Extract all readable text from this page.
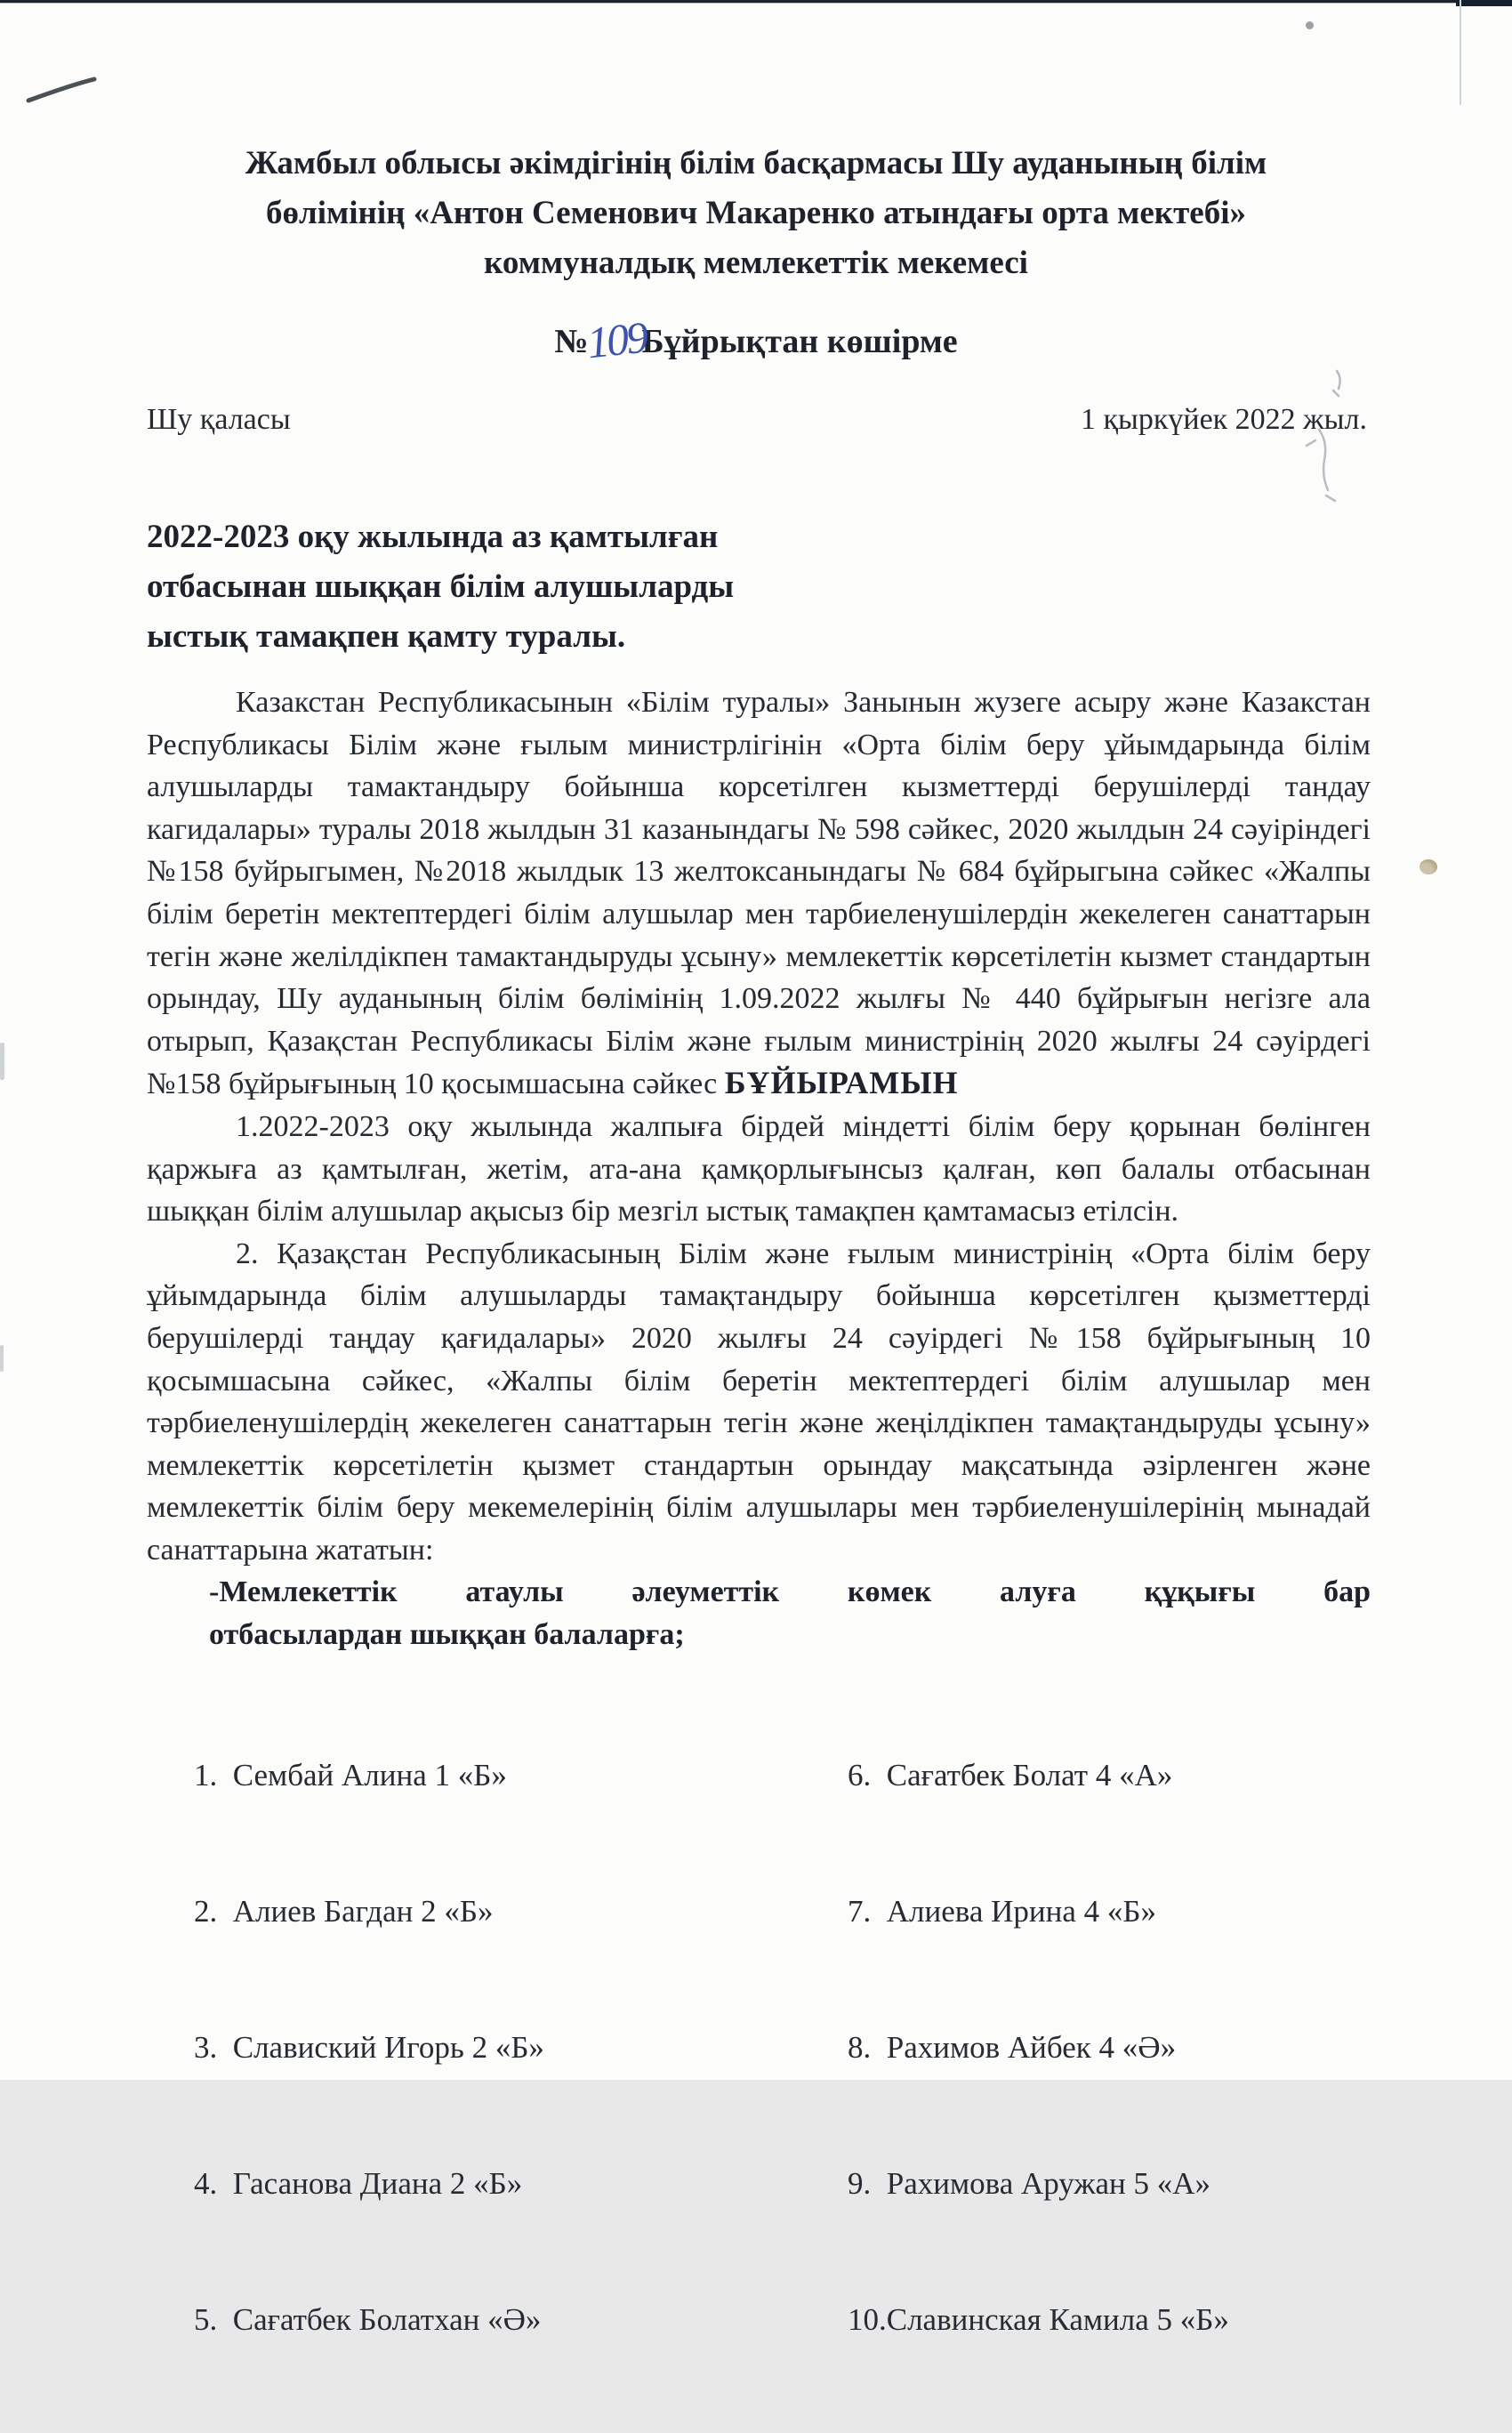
Жамбыл облысы әкімдігінің білім басқармасы Шу ауданының білім
бөлімінің «Антон Семенович Макаренко атындағы орта мектебі»
коммуналдық мемлекеттік мекемесі
№109Бұйрықтан көшірме
Шу қаласы	1 қыркүйек 2022 жыл.
2022-2023 оқу жылында аз қамтылған
отбасынан шыққан білім алушыларды
ыстық тамақпен қамту туралы.

Казакстан Республикасынын «Білім туралы» Занынын жузеге асыру және Казакстан Республикасы Білім және ғылым министрлігінін «Орта білім беру ұйымдарында білім алушыларды тамактандыру бойынша корсетілген кызметтерді берушілерді тандау кагидалары» туралы 2018 жылдын 31 казанындагы № 598 сәйкес, 2020 жылдын 24 сәуіріндегі №158 буйрыгымен, №2018 жылдык 13 желтоксанындагы № 684 бұйрыгына сәйкес «Жалпы білім беретін мектептердегі білім алушылар мен тарбиеленушілердін жекелеген санаттарын тегін және желілдікпен тамактандыруды ұсыну» мемлекеттік көрсетілетін кызмет стандартын орындау, Шу ауданының білім бөлімінің 1.09.2022 жылғы № 440 бұйрығын негізге ала отырып, Қазақстан Республикасы Білім және ғылым министрінің 2020 жылғы 24 сәуірдегі №158 бұйрығының 10 қосымшасына сәйкес БҰЙЫРАМЫН

1.2022-2023 оқу жылында жалпыға бірдей міндетті білім беру қорынан бөлінген қаржыға аз қамтылған, жетім, ата-ана қамқорлығынсыз қалған, көп балалы отбасынан шыққан білім алушылар ақысыз бір мезгіл ыстық тамақпен қамтамасыз етілсін.

2. Қазақстан Республикасының Білім және ғылым министрінің «Орта білім беру ұйымдарында білім алушыларды тамақтандыру бойынша көрсетілген қызметтерді берушілерді таңдау қағидалары» 2020 жылғы 24 сәуірдегі №158 бұйрығының 10 қосымшасына сәйкес, «Жалпы білім беретін мектептердегі білім алушылар мен тәрбиеленушілердің жекелеген санаттарын тегін және жеңілдікпен тамақтандыруды ұсыну» мемлекеттік көрсетілетін қызмет стандартын орындау мақсатында әзірленген және мемлекеттік білім беру мекемелерінің білім алушылары мен тәрбиеленушілерінің мынадай санаттарына жататын:

-Мемлекеттік атаулы әлеуметтік көмек алуға құқығы бар
отбасылардан шыққан балаларға;

1.  Сембай Алина 1 «Б»

2.  Алиев Багдан 2 «Б»

3.  Славиский Игорь 2 «Б»

4.  Гасанова Диана 2 «Б»

5.  Сағатбек Болатхан «Ә»

6.  Сағатбек Болат 4 «А»

7.  Алиева Ирина 4 «Б»

8.  Рахимов Айбек 4 «Ә»

9.  Рахимова Аружан 5 «А»

10.Славинская Камила 5 «Б»
